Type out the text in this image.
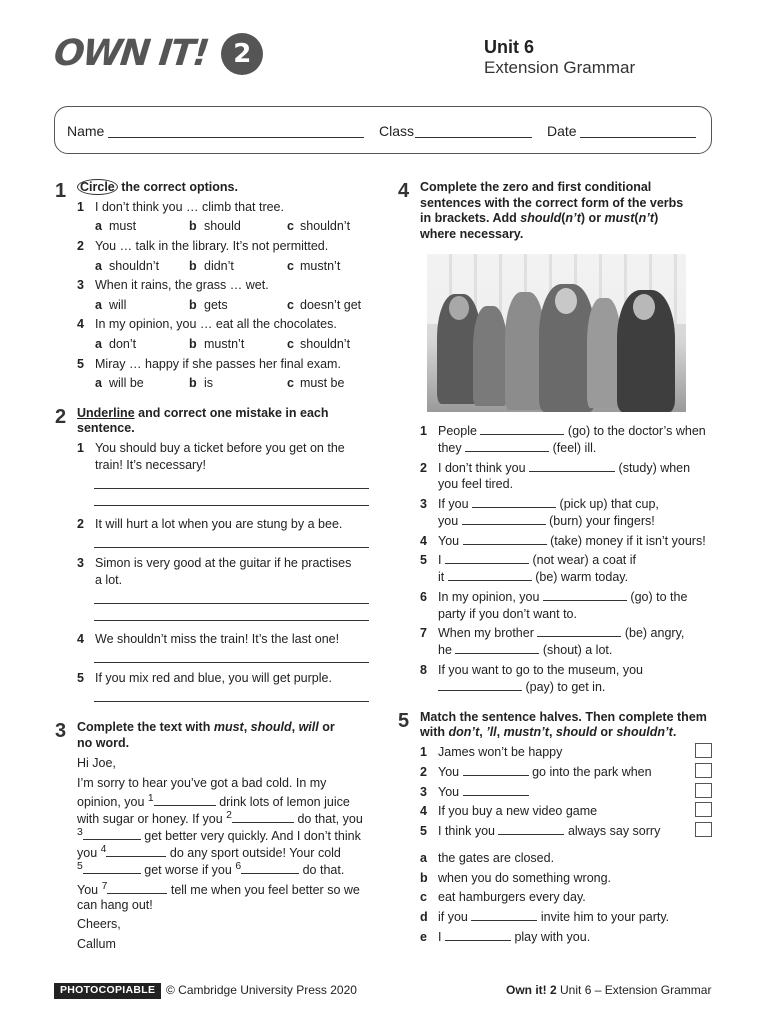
OWN IT! 2	Unit 6
Extension Grammar
Name	Class	Date
1 Circle the correct options.
1 I don’t think you … climb that tree.
a must	b should	c shouldn’t
2 You … talk in the library. It’s not permitted.
a shouldn’t b didn’t	c mustn’t
3 When it rains, the grass … wet.
a will	b gets	c doesn’t get
4 In my opinion, you … eat all the chocolates.
a don’t	b mustn’t	c shouldn’t
5 Miray … happy if she passes her final exam.
a will be	b is	c must be
2 Underline and correct one mistake in each
sentence.
1 You should buy a ticket before you get on the
train! It’s necessary!
2 It will hurt a lot when you are stung by a bee.
3 Simon is very good at the guitar if he practises
a lot.
4 We shouldn’t miss the train! It’s the last one!
5 If you mix red and blue, you will get purple.
3 Complete the text with must, should, will or
no word.
Hi Joe,
I’m sorry to hear you’ve got a bad cold. In my
opinion, you $^1$	drink lots of lemon juice
with sugar or honey. If you $^2$	do that, you
$^3$	get better very quickly. And I don’t think
you $^4$	do any sport outside! Your cold
$^5$	get worse if you $^6$	do that.
You $^7$	tell me when you feel better so we
can hang out!
Cheers,
Callum
4 Complete the zero and first conditional
sentences with the correct form of the verbs
in brackets. Add should(n’t) or must(n’t)
where necessary.
1 People	(go) to the doctor’s when
they	(feel) ill.
2 I don’t think you	(study) when
you feel tired.
3 If you	(pick up) that cup,
you	(burn) your fingers!
4 You	(take) money if it isn’t yours!
5 I	(not wear) a coat if
it	(be) warm today.
6 In my opinion, you	(go) to the
party if you don’t want to.
7 When my brother	(be) angry,
he	(shout) a lot.
8 If you want to go to the museum, you
(pay) to get in.
5 Match the sentence halves. Then complete them
with don’t, ’ll, mustn’t, should or shouldn’t.
1 James won’t be happy
2 You	go into the park when
3 You
4 If you buy a new video game
5 I think you	always say sorry
a the gates are closed.
b when you do something wrong.
c eat hamburgers every day.
d if you	invite him to your party.
e I	play with you.
PHOTOCOPIABLE © Cambridge University Press 2020	Own it! 2 Unit 6 – Extension Grammar
